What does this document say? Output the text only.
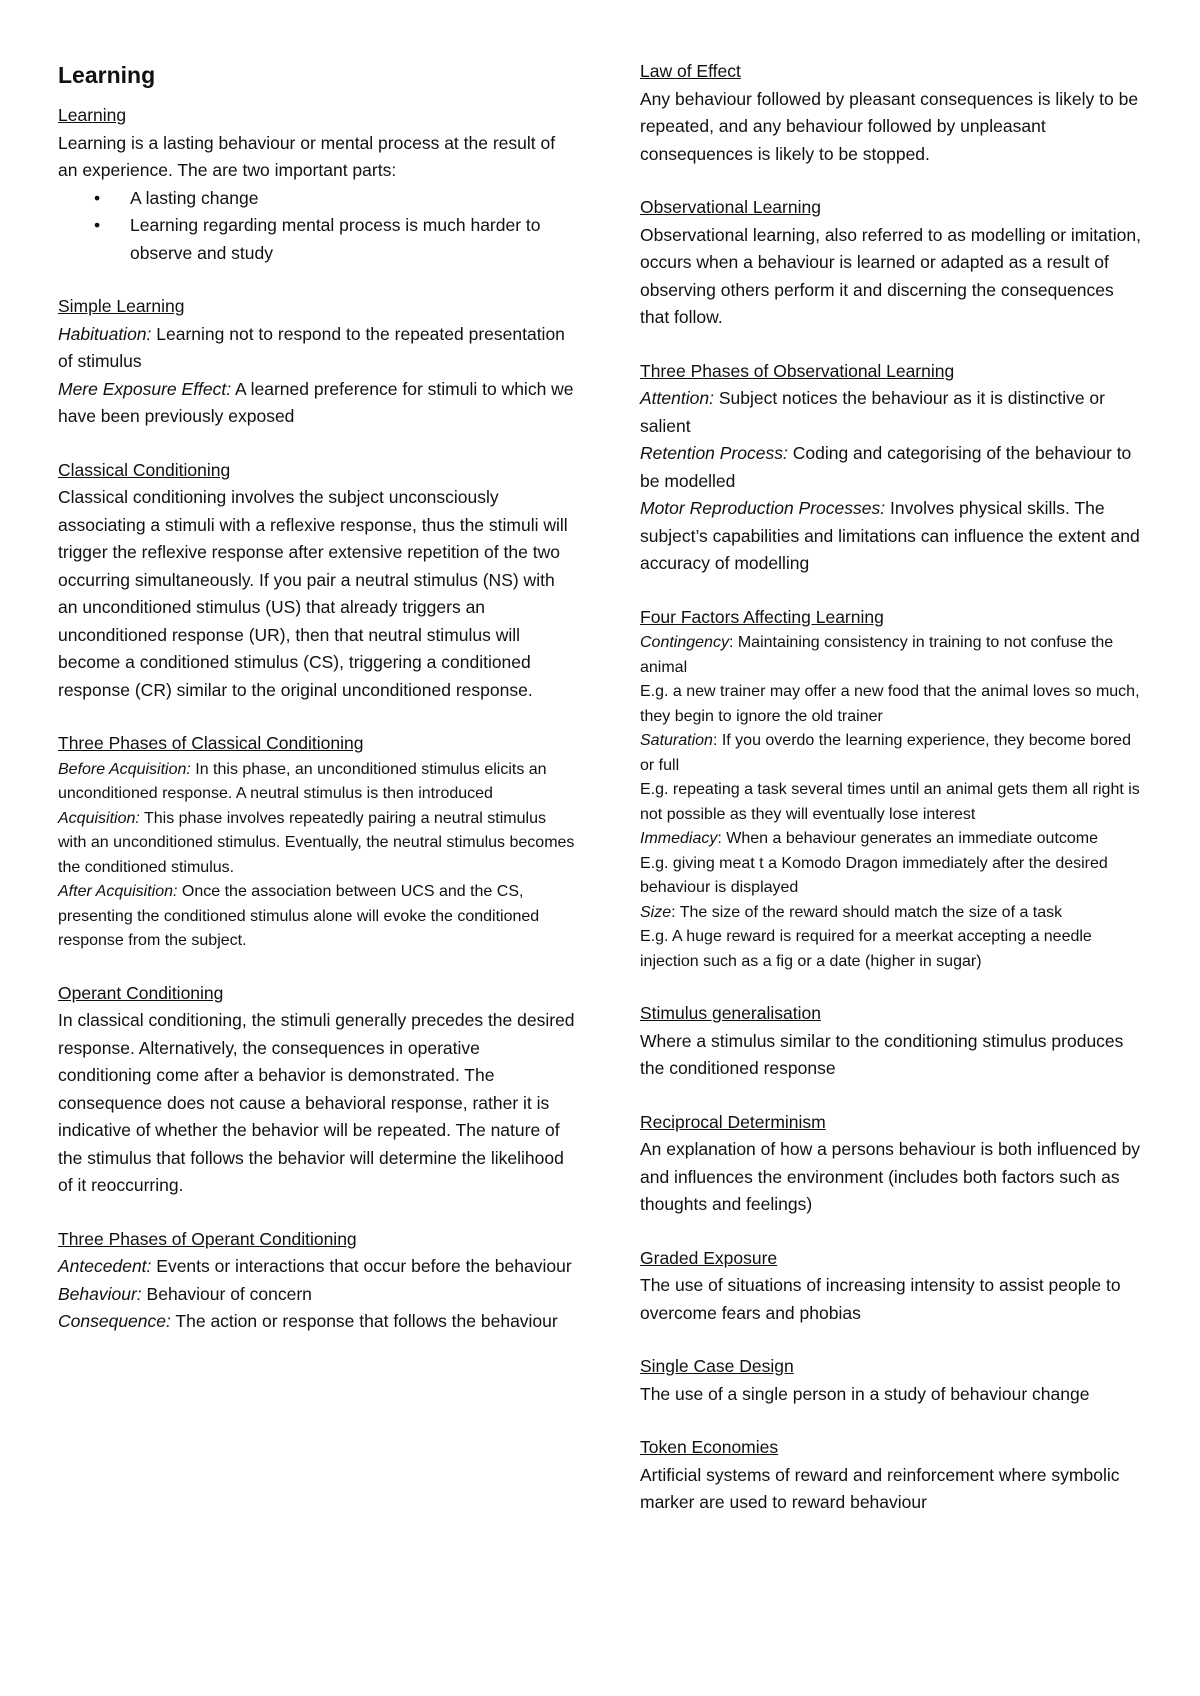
Learning

Learning

Learning is a lasting behaviour or mental process at the result of an experience. The are two important parts:

• A lasting change
• Learning regarding mental process is much harder to observe and study

Simple Learning

Habituation: Learning not to respond to the repeated presentation of stimulus

Mere Exposure Effect: A learned preference for stimuli to which we have been previously exposed

Classical Conditioning

Classical conditioning involves the subject unconsciously associating a stimuli with a reflexive response, thus the stimuli will trigger the reflexive response after extensive repetition of the two occurring simultaneously. If you pair a neutral stimulus (NS) with an unconditioned stimulus (US) that already triggers an unconditioned response (UR), then that neutral stimulus will become a conditioned stimulus (CS), triggering a conditioned response (CR) similar to the original unconditioned response.

Three Phases of Classical Conditioning

Before Acquisition: In this phase, an unconditioned stimulus elicits an unconditioned response. A neutral stimulus is then introduced

Acquisition: This phase involves repeatedly pairing a neutral stimulus with an unconditioned stimulus. Eventually, the neutral stimulus becomes the conditioned stimulus.

After Acquisition: Once the association between UCS and the CS, presenting the conditioned stimulus alone will evoke the conditioned response from the subject.

Operant Conditioning

In classical conditioning, the stimuli generally precedes the desired response. Alternatively, the consequences in operative conditioning come after a behavior is demonstrated. The consequence does not cause a behavioral response, rather it is indicative of whether the behavior will be repeated. The nature of the stimulus that follows the behavior will determine the likelihood of it reoccurring.

Three Phases of Operant Conditioning

Antecedent: Events or interactions that occur before the behaviour

Behaviour: Behaviour of concern

Consequence: The action or response that follows the behaviour

Law of Effect

Any behaviour followed by pleasant consequences is likely to be repeated, and any behaviour followed by unpleasant consequences is likely to be stopped.

Observational Learning

Observational learning, also referred to as modelling or imitation, occurs when a behaviour is learned or adapted as a result of observing others perform it and discerning the consequences that follow.

Three Phases of Observational Learning

Attention: Subject notices the behaviour as it is distinctive or salient

Retention Process: Coding and categorising of the behaviour to be modelled

Motor Reproduction Processes: Involves physical skills. The subject’s capabilities and limitations can influence the extent and accuracy of modelling

Four Factors Affecting Learning

Contingency: Maintaining consistency in training to not confuse the animal

E.g. a new trainer may offer a new food that the animal loves so much, they begin to ignore the old trainer

Saturation: If you overdo the learning experience, they become bored or full

E.g. repeating a task several times until an animal gets them all right is not possible as they will eventually lose interest

Immediacy: When a behaviour generates an immediate outcome

E.g. giving meat t a Komodo Dragon immediately after the desired behaviour is displayed

Size: The size of the reward should match the size of a task

E.g. A huge reward is required for a meerkat accepting a needle injection such as a fig or a date (higher in sugar)

Stimulus generalisation

Where a stimulus similar to the conditioning stimulus produces the conditioned response

Reciprocal Determinism

An explanation of how a persons behaviour is both influenced by and influences the environment (includes both factors such as thoughts and feelings)

Graded Exposure

The use of situations of increasing intensity to assist people to overcome fears and phobias

Single Case Design

The use of a single person in a study of behaviour change

Token Economies

Artificial systems of reward and reinforcement where symbolic marker are used to reward behaviour
